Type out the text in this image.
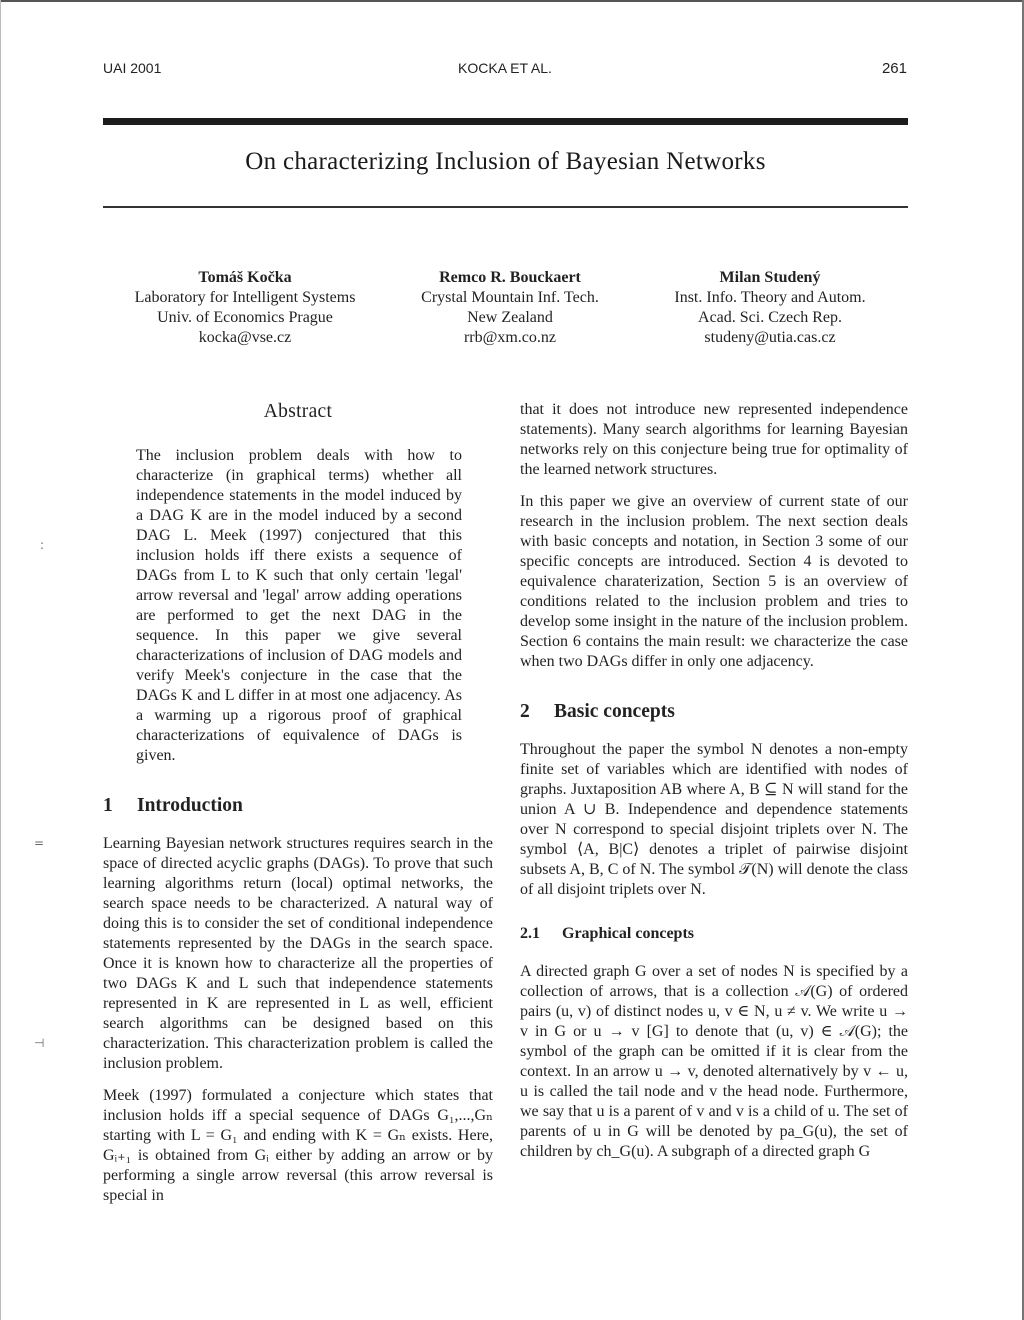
UAI 2001	KOCKA ET AL.	261
On characterizing Inclusion of Bayesian Networks
Tomáš Kočka
Laboratory for Intelligent Systems
Univ. of Economics Prague
kocka@vse.cz
Remco R. Bouckaert
Crystal Mountain Inf. Tech.
New Zealand
rrb@xm.co.nz
Milan Studený
Inst. Info. Theory and Autom.
Acad. Sci. Czech Rep.
studeny@utia.cas.cz
Abstract
The inclusion problem deals with how to characterize (in graphical terms) whether all independence statements in the model induced by a DAG K are in the model induced by a second DAG L. Meek (1997) conjectured that this inclusion holds iff there exists a sequence of DAGs from L to K such that only certain 'legal' arrow reversal and 'legal' arrow adding operations are performed to get the next DAG in the sequence. In this paper we give several characterizations of inclusion of DAG models and verify Meek's conjecture in the case that the DAGs K and L differ in at most one adjacency. As a warming up a rigorous proof of graphical characterizations of equivalence of DAGs is given.
1 Introduction

Learning Bayesian network structures requires search in the space of directed acyclic graphs (DAGs). To prove that such learning algorithms return (local) optimal networks, the search space needs to be characterized. A natural way of doing this is to consider the set of conditional independence statements represented by the DAGs in the search space. Once it is known how to characterize all the properties of two DAGs K and L such that independence statements represented in K are represented in L as well, efficient search algorithms can be designed based on this characterization. This characterization problem is called the inclusion problem.

Meek (1997) formulated a conjecture which states that inclusion holds iff a special sequence of DAGs G₁,...,Gₙ starting with L = G₁ and ending with K = Gₙ exists. Here, Gᵢ₊₁ is obtained from Gᵢ either by adding an arrow or by performing a single arrow reversal (this arrow reversal is special in

that it does not introduce new represented independence statements). Many search algorithms for learning Bayesian networks rely on this conjecture being true for optimality of the learned network structures.

In this paper we give an overview of current state of our research in the inclusion problem. The next section deals with basic concepts and notation, in Section 3 some of our specific concepts are introduced. Section 4 is devoted to equivalence charaterization, Section 5 is an overview of conditions related to the inclusion problem and tries to develop some insight in the nature of the inclusion problem. Section 6 contains the main result: we characterize the case when two DAGs differ in only one adjacency.

2 Basic concepts

Throughout the paper the symbol N denotes a non-empty finite set of variables which are identified with nodes of graphs. Juxtaposition AB where A, B ⊆ N will stand for the union A ∪ B. Independence and dependence statements over N correspond to special disjoint triplets over N. The symbol ⟨A, B|C⟩ denotes a triplet of pairwise disjoint subsets A, B, C of N. The symbol 𝒯(N) will denote the class of all disjoint triplets over N.

2.1 Graphical concepts

A directed graph G over a set of nodes N is specified by a collection of arrows, that is a collection 𝒜(G) of ordered pairs (u, v) of distinct nodes u, v ∈ N, u ≠ v. We write u → v in G or u → v [G] to denote that (u, v) ∈ 𝒜(G); the symbol of the graph can be omitted if it is clear from the context. In an arrow u → v, denoted alternatively by v ← u, u is called the tail node and v the head node. Furthermore, we say that u is a parent of v and v is a child of u. The set of parents of u in G will be denoted by pa_G(u), the set of children by ch_G(u). A subgraph of a directed graph G

:
=
⊣
